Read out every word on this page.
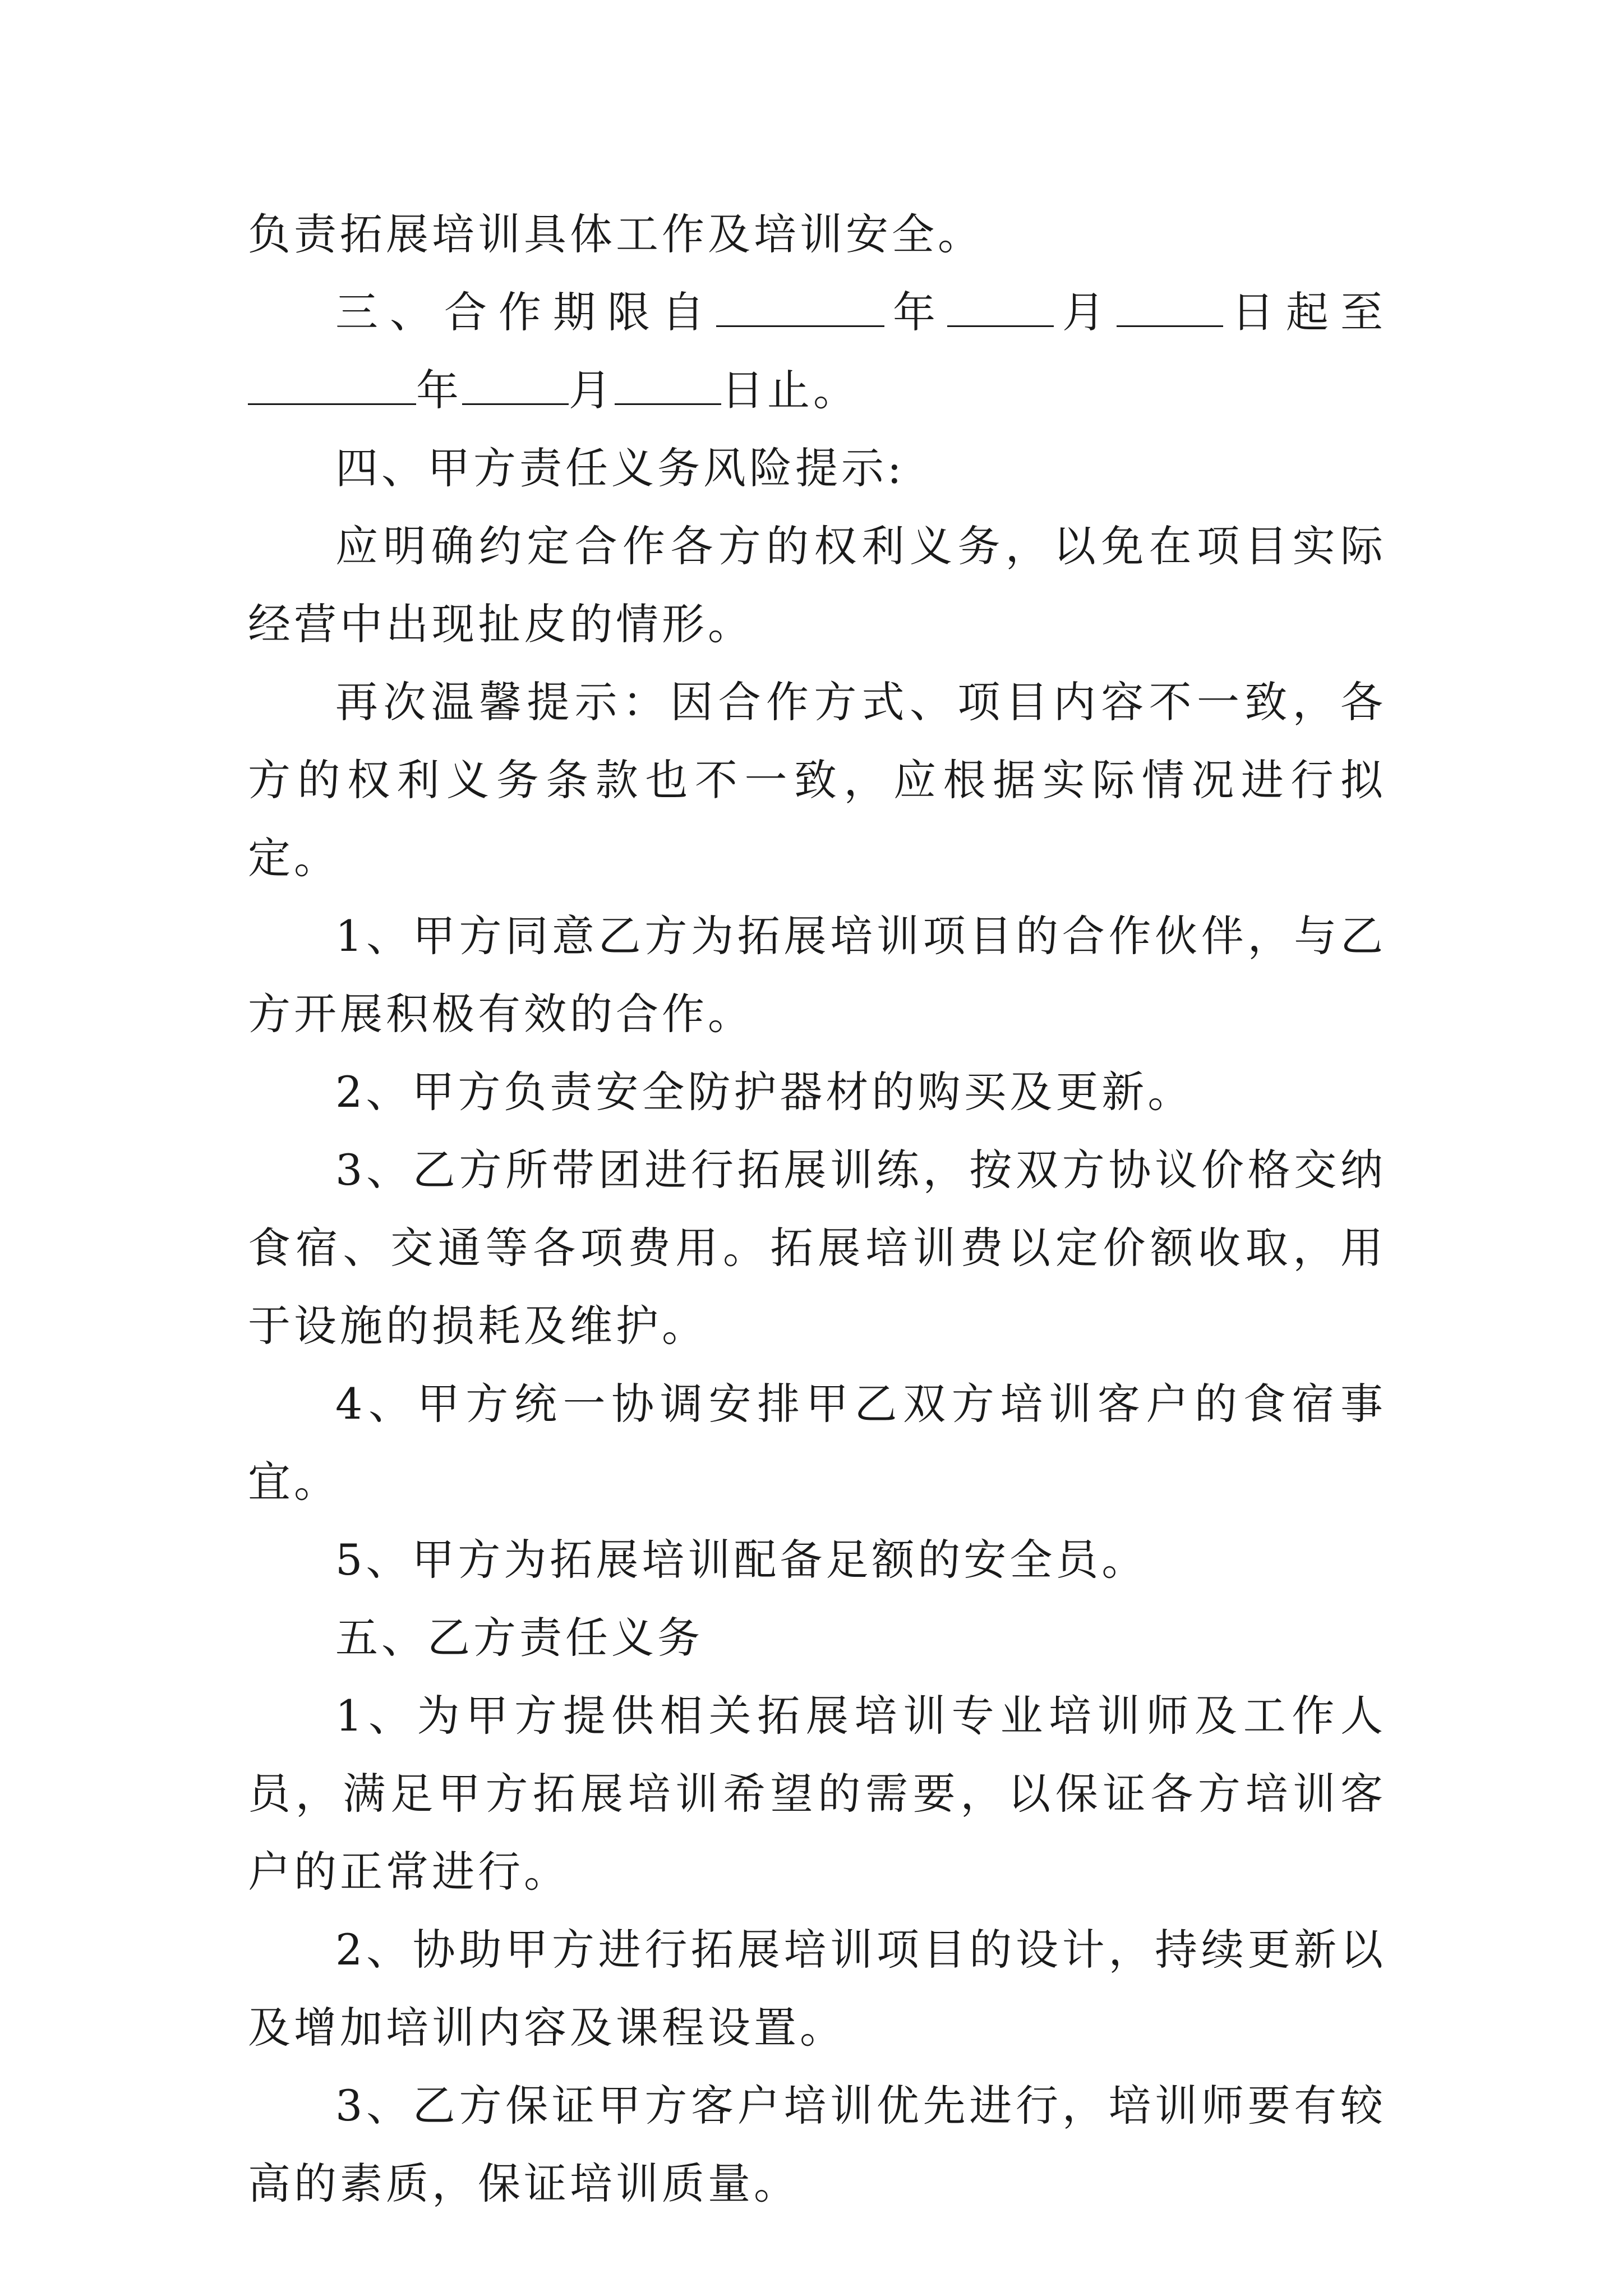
负责拓展培训具体工作及培训安全。

三、合作期限自	年	月	日起至年	月	日止。

四、甲方责任义务风险提示:

应明确约定合作各方的权利义务，以免在项目实际经营中出现扯皮的情形。

再次温馨提示：因合作方式、项目内容不一致，各方的权利义务条款也不一致，应根据实际情况进行拟定。

1、甲方同意乙方为拓展培训项目的合作伙伴，与乙方开展积极有效的合作。

2、甲方负责安全防护器材的购买及更新。

3、乙方所带团进行拓展训练，按双方协议价格交纳食宿、交通等各项费用。拓展培训费以定价额收取，用于设施的损耗及维护。

4、甲方统一协调安排甲乙双方培训客户的食宿事宜。

5、甲方为拓展培训配备足额的安全员。

五、乙方责任义务

1、为甲方提供相关拓展培训专业培训师及工作人员，满足甲方拓展培训希望的需要，以保证各方培训客户的正常进行。

2、协助甲方进行拓展培训项目的设计，持续更新以及增加培训内容及课程设置。

3、乙方保证甲方客户培训优先进行，培训师要有较高的素质，保证培训质量。
